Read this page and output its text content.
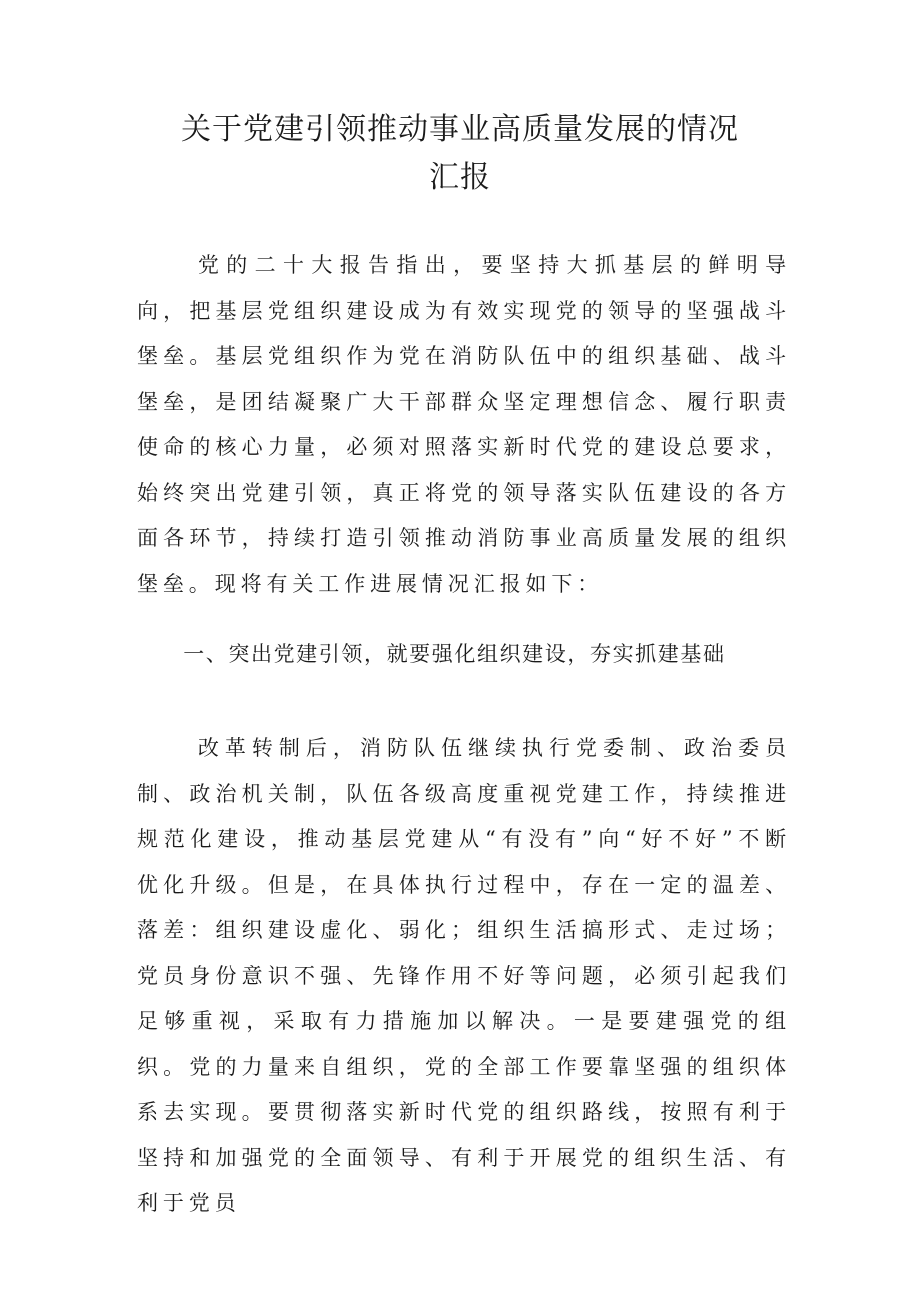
关于党建引领推动事业高质量发展的情况
汇报

党的二十大报告指出，要坚持大抓基层的鲜明导向，把基层党组织建设成为有效实现党的领导的坚强战斗堡垒。基层党组织作为党在消防队伍中的组织基础、战斗堡垒，是团结凝聚广大干部群众坚定理想信念、履行职责使命的核心力量，必须对照落实新时代党的建设总要求，始终突出党建引领，真正将党的领导落实队伍建设的各方面各环节，持续打造引领推动消防事业高质量发展的组织堡垒。现将有关工作进展情况汇报如下：

一、突出党建引领，就要强化组织建设，夯实抓建基础

改革转制后，消防队伍继续执行党委制、政治委员制、政治机关制，队伍各级高度重视党建工作，持续推进规范化建设，推动基层党建从“有没有”向“好不好”不断优化升级。但是，在具体执行过程中，存在一定的温差、落差：组织建设虚化、弱化；组织生活搞形式、走过场；党员身份意识不强、先锋作用不好等问题，必须引起我们足够重视，采取有力措施加以解决。一是要建强党的组织。党的力量来自组织，党的全部工作要靠坚强的组织体系去实现。要贯彻落实新时代党的组织路线，按照有利于坚持和加强党的全面领导、有利于开展党的组织生活、有利于党员
